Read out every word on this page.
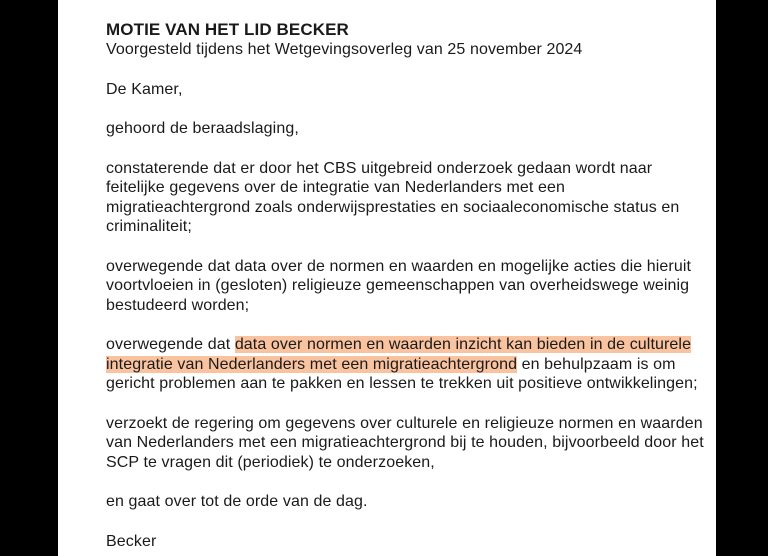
MOTIE VAN HET LID BECKER
Voorgesteld tijdens het Wetgevingsoverleg van 25 november 2024

De Kamer,

gehoord de beraadslaging,

constaterende dat er door het CBS uitgebreid onderzoek gedaan wordt naar feitelijke gegevens over de integratie van Nederlanders met een migratieachtergrond zoals onderwijsprestaties en sociaaleconomische status en criminaliteit;

overwegende dat data over de normen en waarden en mogelijke acties die hieruit voortvloeien in (gesloten) religieuze gemeenschappen van overheidswege weinig bestudeerd worden;

overwegende dat data over normen en waarden inzicht kan bieden in de culturele integratie van Nederlanders met een migratieachtergrond en behulpzaam is om gericht problemen aan te pakken en lessen te trekken uit positieve ontwikkelingen;

verzoekt de regering om gegevens over culturele en religieuze normen en waarden van Nederlanders met een migratieachtergrond bij te houden, bijvoorbeeld door het SCP te vragen dit (periodiek) te onderzoeken,

en gaat over tot de orde van de dag.

Becker
